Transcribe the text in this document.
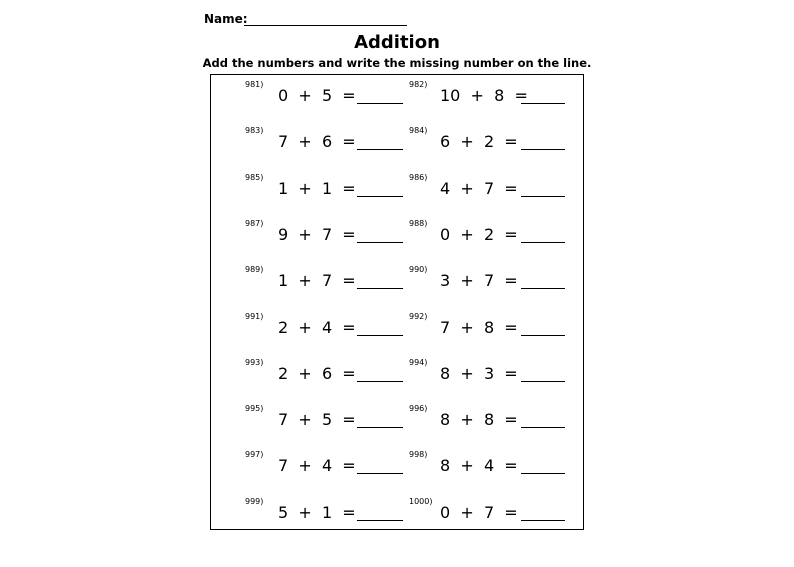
Name:
Addition
Add the numbers and write the missing number on the line.
981)
0 + 5 =
982)
10 + 8 =
983)
7 + 6 =
984)
6 + 2 =
985)
1 + 1 =
986)
4 + 7 =
987)
9 + 7 =
988)
0 + 2 =
989)
1 + 7 =
990)
3 + 7 =
991)
2 + 4 =
992)
7 + 8 =
993)
2 + 6 =
994)
8 + 3 =
995)
7 + 5 =
996)
8 + 8 =
997)
7 + 4 =
998)
8 + 4 =
999)
5 + 1 =
1000)
0 + 7 =
